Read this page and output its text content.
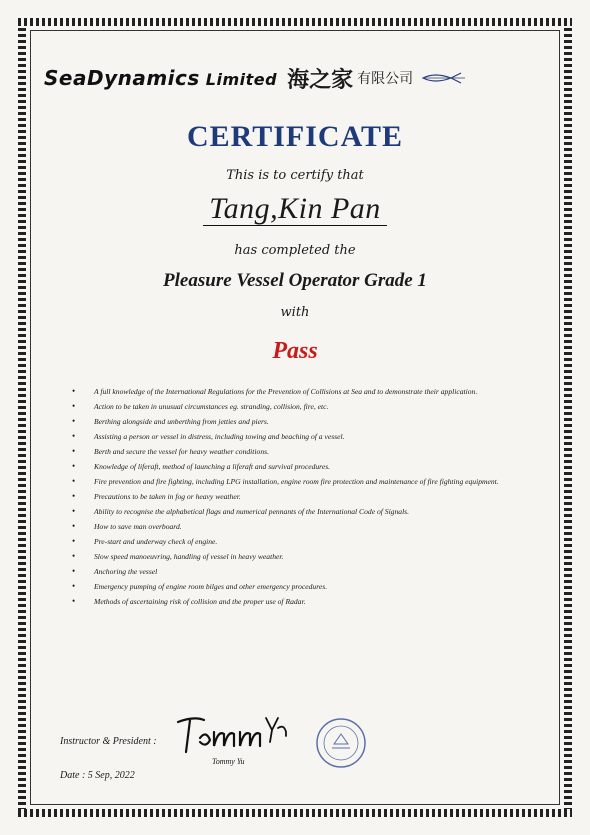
SeaDynamics Limited 海之家 有限公司
CERTIFICATE
This is to certify that
Tang,Kin Pan
has completed the
Pleasure Vessel Operator Grade 1
with
Pass
• A full knowledge of the International Regulations for the Prevention of Collisions at Sea and to demonstrate their application.
• Action to be taken in unusual circumstances eg. stranding, collision, fire, etc.
• Berthing alongside and unberthing from jetties and piers.
• Assisting a person or vessel in distress, including towing and beaching of a vessel.
• Berth and secure the vessel for heavy weather conditions.
• Knowledge of liferaft, method of launching a liferaft and survival procedures.
• Fire prevention and fire fighting, including LPG installation, engine room fire protection and maintenance of fire fighting equipment.
• Precautions to be taken in fog or heavy weather.
• Ability to recognise the alphabetical flags and numerical pennants of the International Code of Signals.
• How to save man overboard.
• Pre-start and underway check of engine.
• Slow speed manoeuvring, handling of vessel in heavy weather.
• Anchoring the vessel
• Emergency pumping of engine room bilges and other emergency procedures.
• Methods of ascertaining risk of collision and the proper use of Radar.
Instructor & President :
Tommy Yu
Date : 5 Sep, 2022
